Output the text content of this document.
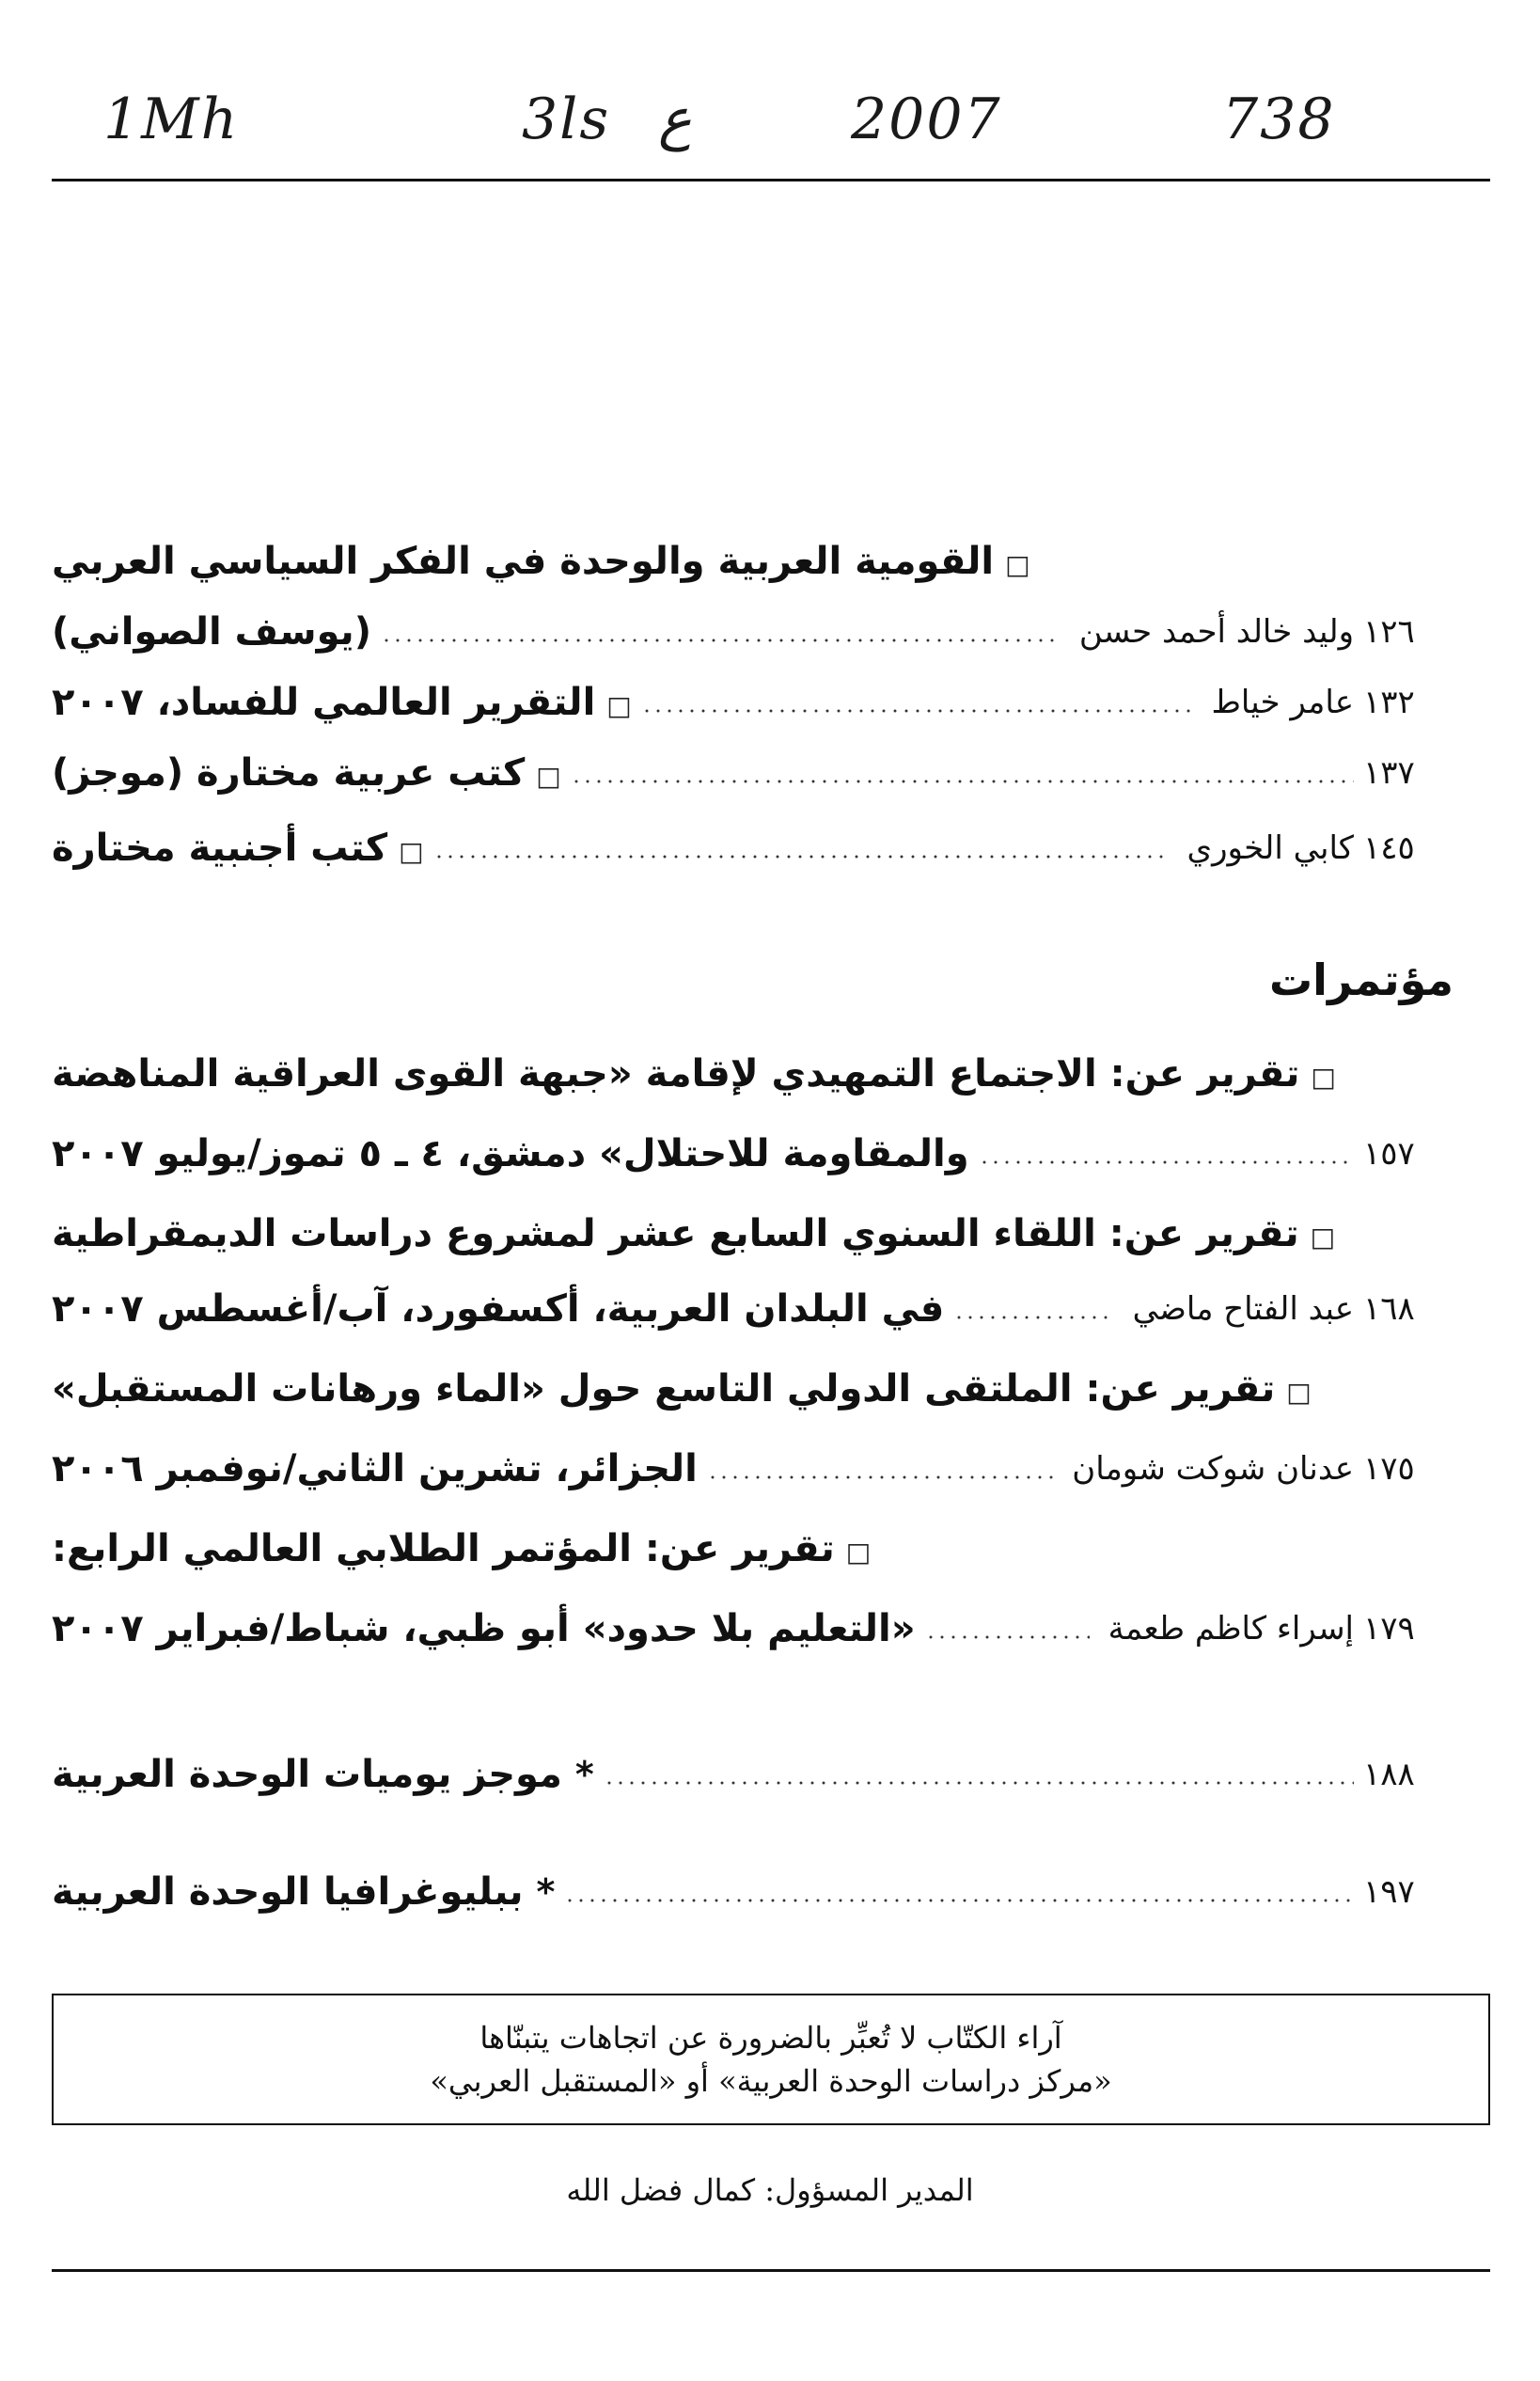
1Mh	3ls ع	2007	738
□القومية العربية والوحدة في الفكر السياسي العربي
(يوسف الصواني)	وليد خالد أحمد حسن ١٢٦
□التقرير العالمي للفساد، ٢٠٠٧	عامر خياط ١٣٢
□كتب عربية مختارة (موجز)	١٣٧
□كتب أجنبية مختارة	كابي الخوري ١٤٥
مؤتمرات
□تقرير عن: الاجتماع التمهيدي لإقامة «جبهة القوى العراقية المناهضة
والمقاومة للاحتلال» دمشق، ٤ ـ ٥ تموز/يوليو ٢٠٠٧	١٥٧
□تقرير عن: اللقاء السنوي السابع عشر لمشروع دراسات الديمقراطية
في البلدان العربية، أكسفورد، آب/أغسطس ٢٠٠٧	عبد الفتاح ماضي ١٦٨
□تقرير عن: الملتقى الدولي التاسع حول «الماء ورهانات المستقبل»
الجزائر، تشرين الثاني/نوفمبر ٢٠٠٦	عدنان شوكت شومان ١٧٥
□تقرير عن: المؤتمر الطلابي العالمي الرابع:
«التعليم بلا حدود» أبو ظبي، شباط/فبراير ٢٠٠٧	إسراء كاظم طعمة ١٧٩
*موجز يوميات الوحدة العربية	١٨٨
*ببليوغرافيا الوحدة العربية	١٩٧
آراء الكتّاب لا تُعبِّر بالضرورة عن اتجاهات يتبنّاها
«مركز دراسات الوحدة العربية» أو «المستقبل العربي»
المدير المسؤول: كمال فضل الله
